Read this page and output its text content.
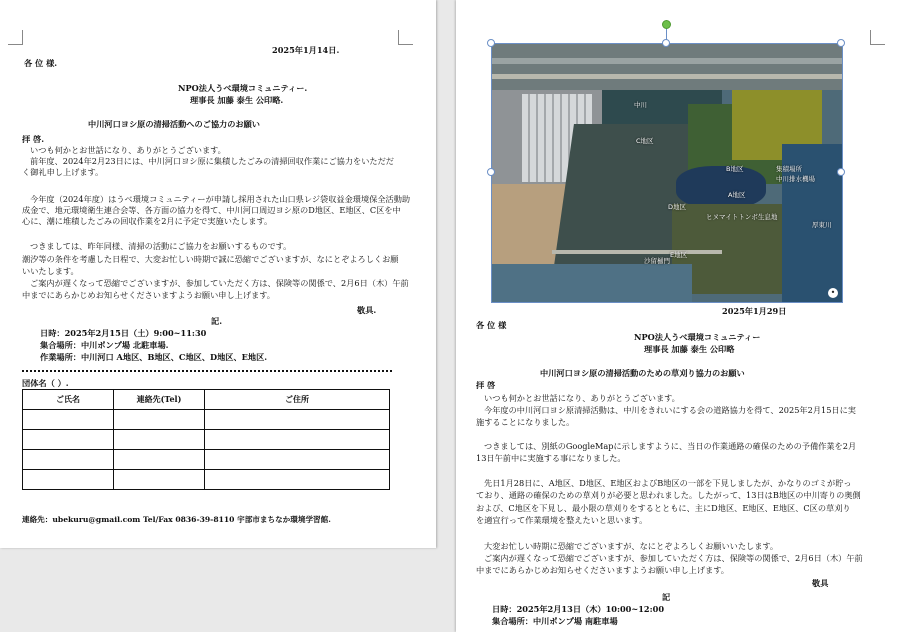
2025年1月14日.
各 位 様.
NPO法人うべ環境コミュニティー.
理事長 加藤 泰生 公印略.
中川河口ヨシ原の清掃活動へのご協力のお願い
拝 啓.
いつも何かとお世話になり、ありがとうございます。
前年度、2024年2月23日には、中川河口ヨシ原に集積したごみの清掃回収作業にご協力をいただだ
く御礼申し上げます。
今年度（2024年度）はうべ環境コミュニティーが申請し採用された山口県レジ袋収益金環境保全活動助
成金で、地元環境衛生連合会等、各方面の協力を得て、中川河口周辺ヨシ原のD地区、E地区、C区を中
心に、潮に堆積したごみの回収作業を2月に予定で実施いたします。
つきましては、昨年同様、清掃の活動にご協力をお願いするものです。
潮汐等の条件を考慮した日程で、大変お忙しい時期で誠に恐縮でございますが、なにとぞよろしくお願
いいたします。
ご案内が遅くなって恐縮でございますが、参加していただく方は、保険等の関係で、2月6日（木）午前
中までにあらかじめお知らせくださいますようお願い申し上げます。
敬具.
記.
日時：2025年2月15日（土）9:00~11:30
集合場所：中川ポンプ場 北駐車場.
作業場所：中川河口 A地区、B地区、C地区、D地区、E地区.
団体名（ ）.
ご氏名	連絡先(Tel)	ご住所

連絡先：ubekuru@gmail.com Tel/Fax 0836-39-8110 宇部市まちなか環境学習館.
中川
C地区
B地区
A地区
D地区
E地区
厚東川
沙留樋門
集積場所
中川排水機場
ヒヌマイトトンボ生息地
•
2025年1月29日
各 位 様
NPO法人うべ環境コミュニティー
理事長 加藤 泰生 公印略
中川河口ヨシ原の清掃活動のための草刈り協力のお願い
拝 啓
いつも何かとお世話になり、ありがとうございます。
今年度の中川河口ヨシ原清掃活動は、中川をきれいにする会の道路協力を得て、2025年2月15日に実
施することになりました。
つきましては、別紙のGoogleMapに示しますように、当日の作業通路の確保のための予備作業を2月
13日午前中に実施する事になりました。
先日1月28日に、A地区、D地区、E地区およびB地区の一部を下見しましたが、かなりのゴミが貯っ
ており、通路の確保のための草刈りが必要と思われました。したがって、13日はB地区の中川寄りの奥側
および、C地区を下見し、最小限の草刈りをするとともに、主にD地区、E地区、E地区、C区の草刈り
を適宜行って作業環境を整えたいと思います。
大変お忙しい時期に恐縮でございますが、なにとぞよろしくお願いいたします。
ご案内が遅くなって恐縮でございますが、参加していただく方は、保険等の関係で、2月6日（木）午前
中までにあらかじめお知らせくださいますようお願い申し上げます。
敬具
記
日時：2025年2月13日（木）10:00~12:00
集合場所：中川ポンプ場 南駐車場
